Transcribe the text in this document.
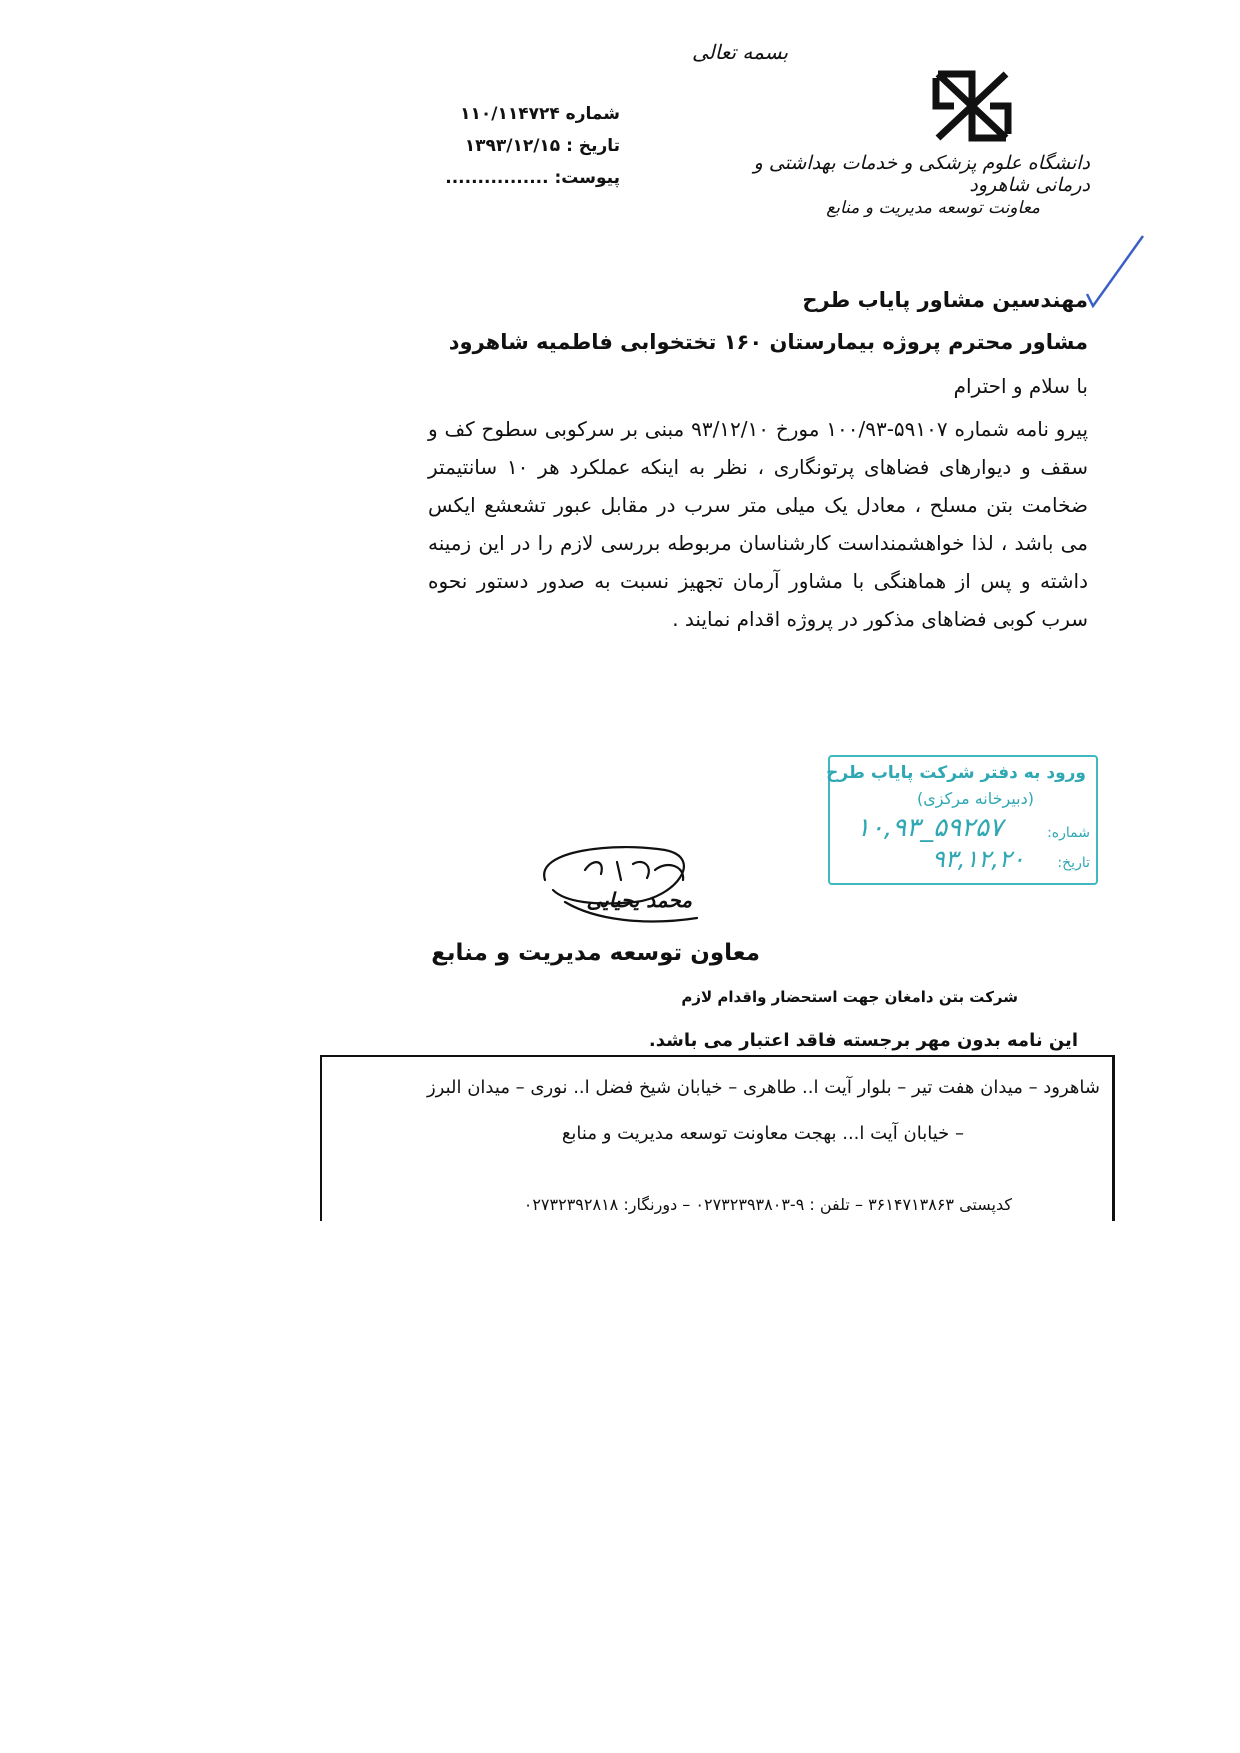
بسمه تعالی
دانشگاه علوم پزشکی و خدمات بهداشتی و درمانی شاهرود
معاونت توسعه مدیریت و منابع
شماره ۱۱۰/۱۱۴۷۲۴
تاریخ : ۱۳۹۳/۱۲/۱۵
پیوست: ................
مهندسین مشاور پایاب طرح
مشاور محترم پروژه بیمارستان ۱۶۰ تختخوابی فاطمیه شاهرود
با سلام و احترام
پیرو نامه شماره ۵۹۱۰۷-۱۰۰/۹۳ مورخ ۹۳/۱۲/۱۰ مبنی بر سرکوبی سطوح کف و سقف و دیوارهای فضاهای پرتونگاری ، نظر به اینکه عملکرد هر ۱۰ سانتیمتر ضخامت بتن مسلح ، معادل یک میلی متر سرب در مقابل عبور تشعشع ایکس می باشد ، لذا خواهشمنداست کارشناسان مربوطه بررسی لازم را در این زمینه داشته و پس از هماهنگی با مشاور آرمان تجهیز نسبت به صدور دستور نحوه سرب کوبی فضاهای مذکور در پروژه اقدام نمایند .
ورود به دفتر شرکت پایاب طرح
(دبیرخانه مرکزی)
شماره:
۱۰,۹۳_۵۹۲۵۷
تاریخ:
۹۳,۱۲,۲۰
محمد یحیایی
معاون توسعه مدیریت و منابع
شرکت بتن دامغان جهت استحضار واقدام لازم
این نامه بدون مهر برجسته فاقد اعتبار می باشد.
شاهرود – میدان هفت تیر – بلوار آیت ا.. طاهری – خیابان شیخ فضل ا.. نوری – میدان البرز
– خیابان آیت ا... بهجت معاونت توسعه مدیریت و منابع
کدپستی ۳۶۱۴۷۱۳۸۶۳ – تلفن : ۹-۰۲۷۳۲۳۹۳۸۰۳ – دورنگار: ۰۲۷۳۲۳۹۲۸۱۸
